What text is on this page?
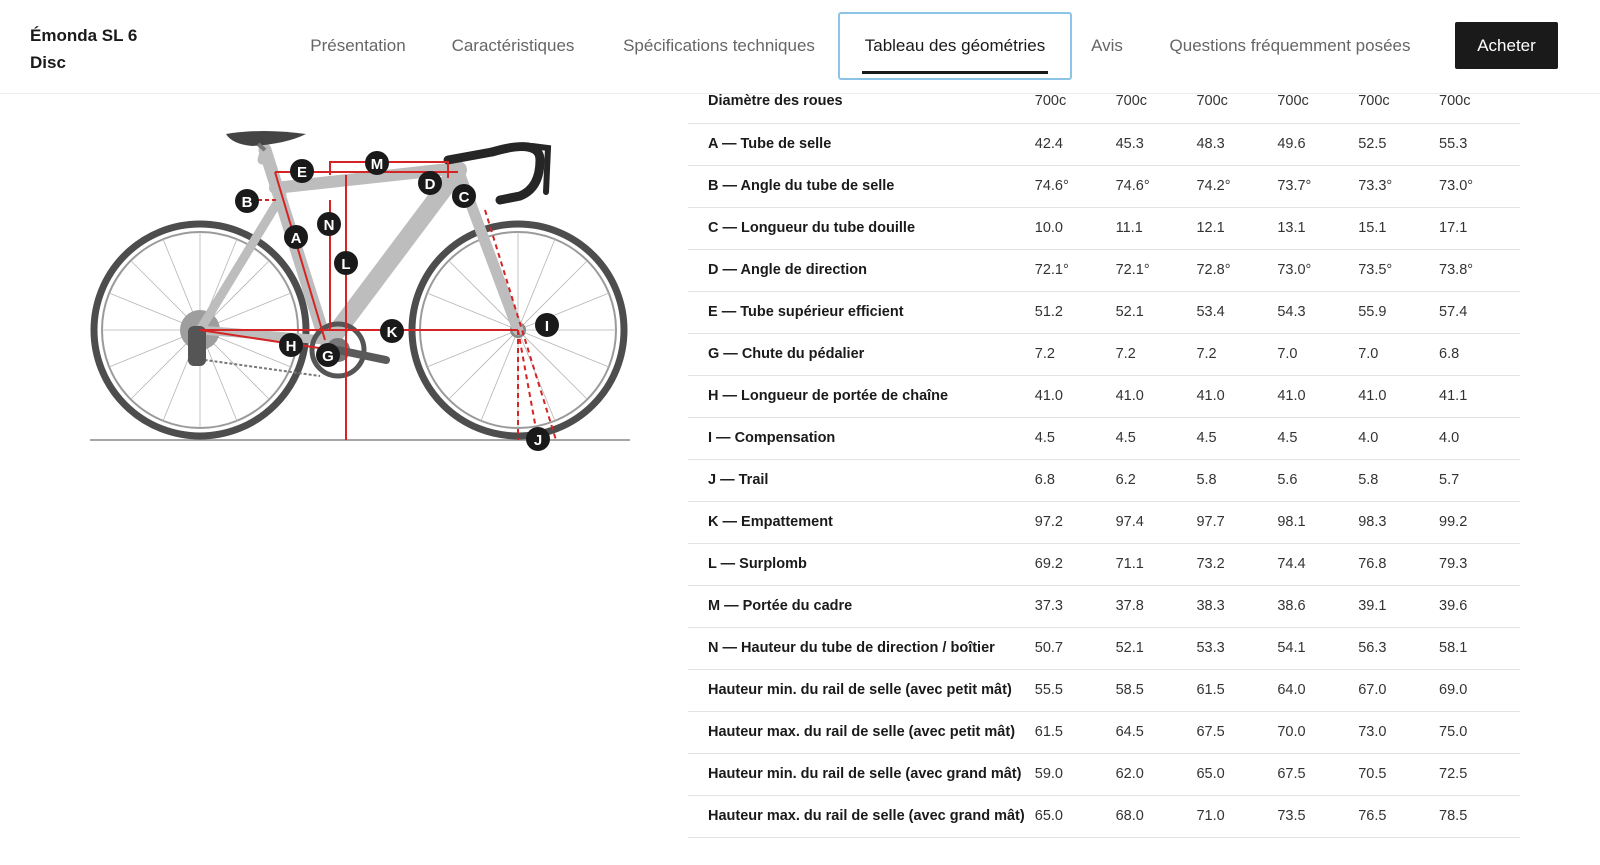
Émonda SL 6 Disc
Présentation	Caractéristiques	Spécifications techniques	Tableau des géométries	Avis	Questions fréquemment posées	Acheter
A
B	C
D
E
G
H
I
J
K
L
M
N
Diamètre des roues	700c	700c	700c	700c	700c	700c
A — Tube de selle	42.4	45.3	48.3	49.6	52.5	55.3
B — Angle du tube de selle	74.6°	74.6°	74.2°	73.7°	73.3°	73.0°
C — Longueur du tube douille	10.0	11.1	12.1	13.1	15.1	17.1
D — Angle de direction	72.1°	72.1°	72.8°	73.0°	73.5°	73.8°
E — Tube supérieur efficient	51.2	52.1	53.4	54.3	55.9	57.4
G — Chute du pédalier	7.2	7.2	7.2	7.0	7.0	6.8
H — Longueur de portée de chaîne	41.0	41.0	41.0	41.0	41.0	41.1
I — Compensation	4.5	4.5	4.5	4.5	4.0	4.0
J — Trail	6.8	6.2	5.8	5.6	5.8	5.7
K — Empattement	97.2	97.4	97.7	98.1	98.3	99.2
L — Surplomb	69.2	71.1	73.2	74.4	76.8	79.3
M — Portée du cadre	37.3	37.8	38.3	38.6	39.1	39.6
N — Hauteur du tube de direction / boîtier	50.7	52.1	53.3	54.1	56.3	58.1
Hauteur min. du rail de selle (avec petit mât)	55.5	58.5	61.5	64.0	67.0	69.0
Hauteur max. du rail de selle (avec petit mât)	61.5	64.5	67.5	70.0	73.0	75.0
Hauteur min. du rail de selle (avec grand mât)	59.0	62.0	65.0	67.5	70.5	72.5
Hauteur max. du rail de selle (avec grand mât)	65.0	68.0	71.0	73.5	76.5	78.5
